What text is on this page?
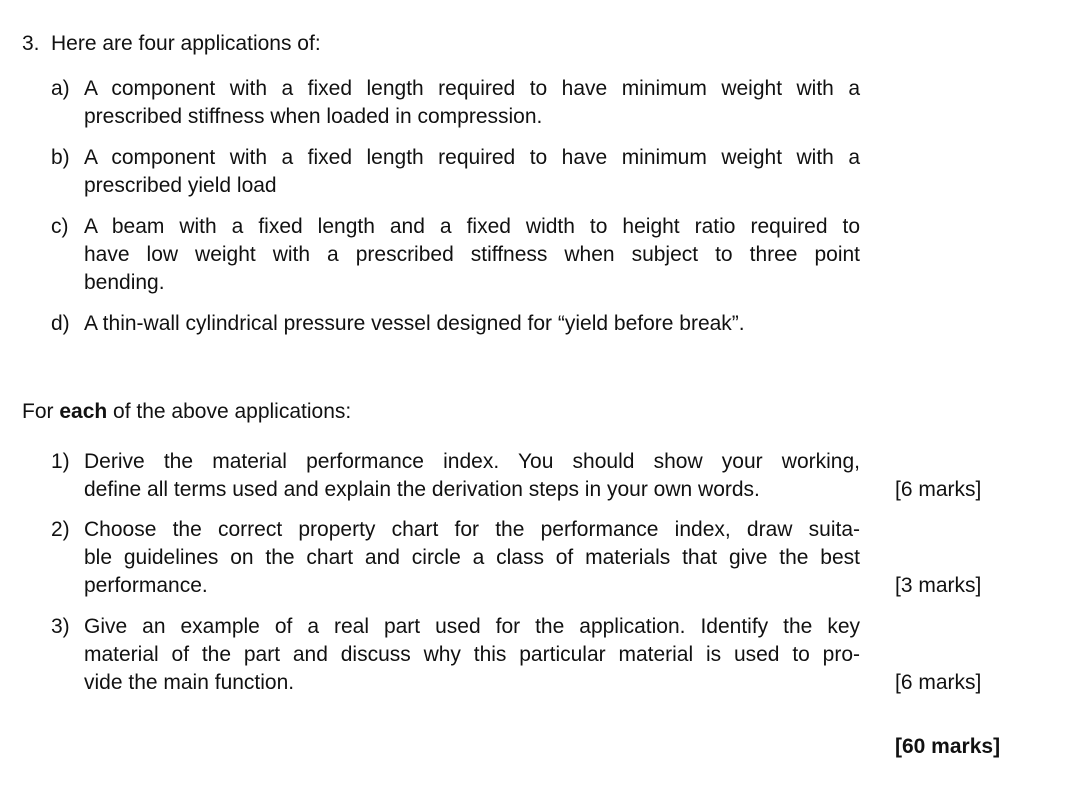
3. Here are four applications of:
a) A component with a fixed length required to have minimum weight with a
prescribed stiffness when loaded in compression.
b) A component with a fixed length required to have minimum weight with a
prescribed yield load
c) A beam with a fixed length and a fixed width to height ratio required to
have low weight with a prescribed stiffness when subject to three point
bending.
d) A thin-wall cylindrical pressure vessel designed for “yield before break”.
For each of the above applications:
1) Derive the material performance index. You should show your working,
define all terms used and explain the derivation steps in your own words.	[6 marks]
2) Choose the correct property chart for the performance index, draw suita-
ble guidelines on the chart and circle a class of materials that give the best
performance.	[3 marks]
3) Give an example of a real part used for the application. Identify the key
material of the part and discuss why this particular material is used to pro-
vide the main function.	[6 marks]
[60 marks]
